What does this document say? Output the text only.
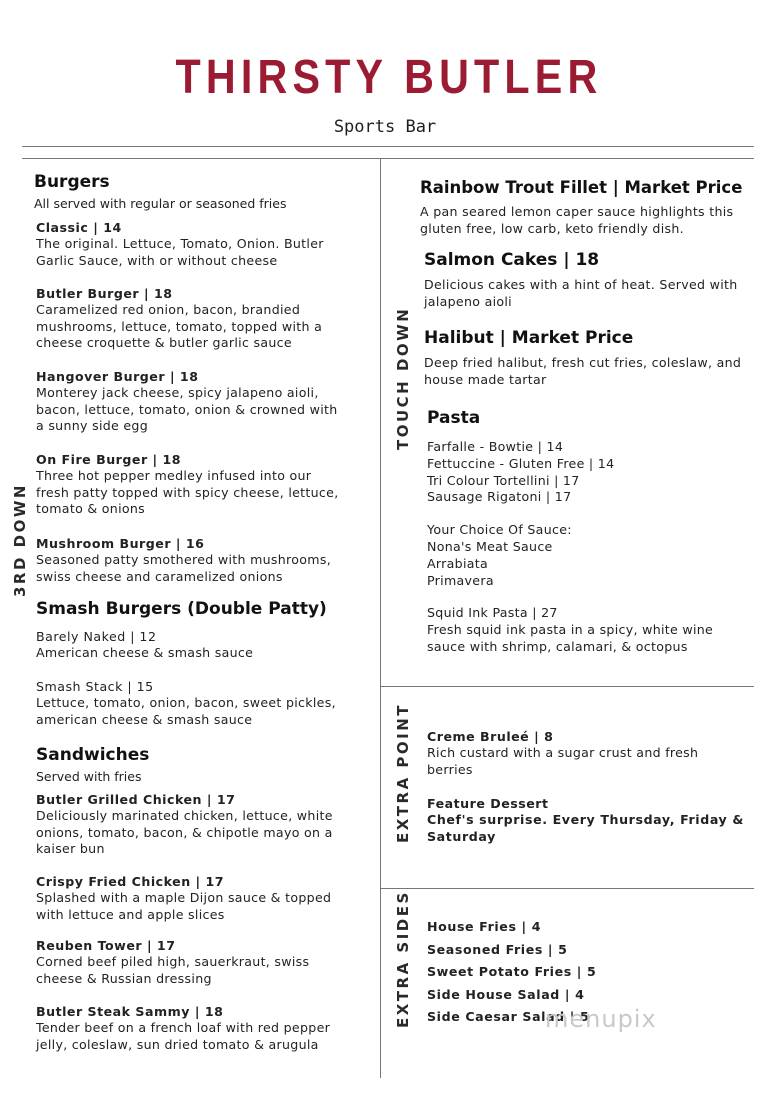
THIRSTY BUTLER
Sports Bar
3RD DOWN
TOUCH DOWN
EXTRA POINT
EXTRA SIDES
Burgers
All served with regular or seasoned fries
Classic | 14
The original. Lettuce, Tomato, Onion. Butler
Garlic Sauce, with or without cheese
Butler Burger | 18
Caramelized red onion, bacon, brandied
mushrooms, lettuce, tomato, topped with a
cheese croquette & butler garlic sauce
Hangover Burger | 18
Monterey jack cheese, spicy jalapeno aioli,
bacon, lettuce, tomato, onion & crowned with
a sunny side egg
On Fire Burger | 18
Three hot pepper medley infused into our
fresh patty topped with spicy cheese, lettuce,
tomato & onions
Mushroom Burger | 16
Seasoned patty smothered with mushrooms,
swiss cheese and caramelized onions
Smash Burgers (Double Patty)
Barely Naked | 12
American cheese & smash sauce
Smash Stack | 15
Lettuce, tomato, onion, bacon, sweet pickles,
american cheese & smash sauce
Sandwiches
Served with fries
Butler Grilled Chicken | 17
Deliciously marinated chicken, lettuce, white
onions, tomato, bacon, & chipotle mayo on a
kaiser bun
Crispy Fried Chicken | 17
Splashed with a maple Dijon sauce & topped
with lettuce and apple slices
Reuben Tower | 17
Corned beef piled high, sauerkraut, swiss
cheese & Russian dressing
Butler Steak Sammy | 18
Tender beef on a french loaf with red pepper
jelly, coleslaw, sun dried tomato & arugula
Rainbow Trout Fillet | Market Price
A pan seared lemon caper sauce highlights this
gluten free, low carb, keto friendly dish.
Salmon Cakes | 18
Delicious cakes with a hint of heat. Served with
jalapeno aioli
Halibut | Market Price
Deep fried halibut, fresh cut fries, coleslaw, and
house made tartar
Pasta
Farfalle - Bowtie | 14
Fettuccine - Gluten Free | 14
Tri Colour Tortellini | 17
Sausage Rigatoni | 17
Your Choice Of Sauce:
Nona's Meat Sauce
Arrabiata
Primavera
Squid Ink Pasta | 27
Fresh squid ink pasta in a spicy, white wine
sauce with shrimp, calamari, & octopus
Creme Bruleé | 8
Rich custard with a sugar crust and fresh
berries
Feature Dessert
Chef's surprise. Every Thursday, Friday &
Saturday
House Fries | 4
Seasoned Fries | 5
Sweet Potato Fries | 5
Side House Salad | 4
Side Caesar Salad | 5
menupix
